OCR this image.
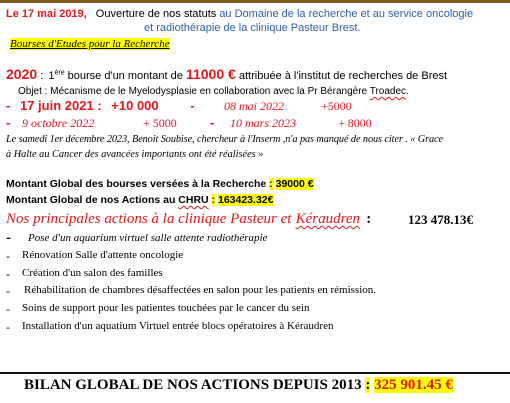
Le 17 mai 2019, Ouverture de nos statuts au Domaine de la recherche et au service oncologie
et radiothérapie de la clinique Pasteur Brest.
Bourses d'Etudes pour la Recherche
2020 : 1ère bourse d'un montant de 11000 € attribuée à l'institut de recherches de Brest
Objet : Mécanisme de le Myelodysplasie en collaboration avec la Pr Bérangère Troadec.
- 17 juin 2021 : +10 000 - 08 mai 2022	+5000
- 9 octobre 2022	+ 5000	- 10 mars 2023	+ 8000
Le samedi 1er décembre 2023, Benoit Soubise, chercheur à l'Inserm ,n'a pas manqué de nous citer . « Grace
à Halte au Cancer des avancées importants ont été réalisées »
Montant Global des bourses versées à la Recherche : 39000 €
Montant Global de nos Actions au CHRU : 163423.32€
Nos principales actions à la clinique Pasteur et Kéraudren :	123 478.13€
- Pose d'un aquarium virtuel salle attente radiothérapie
- Rénovation Salle d'attente oncologie
- Création d'un salon des familles
- Réhabilitation de chambres désaffectées en salon pour les patients en rémission.
- Soins de support pour les patientes touchées par le cancer du sein
- Installation d'un aquatium Virtuel entrée blocs opératoires à Kéraudren
BILAN GLOBAL DE NOS ACTIONS DEPUIS 2013 : 325 901.45 €
